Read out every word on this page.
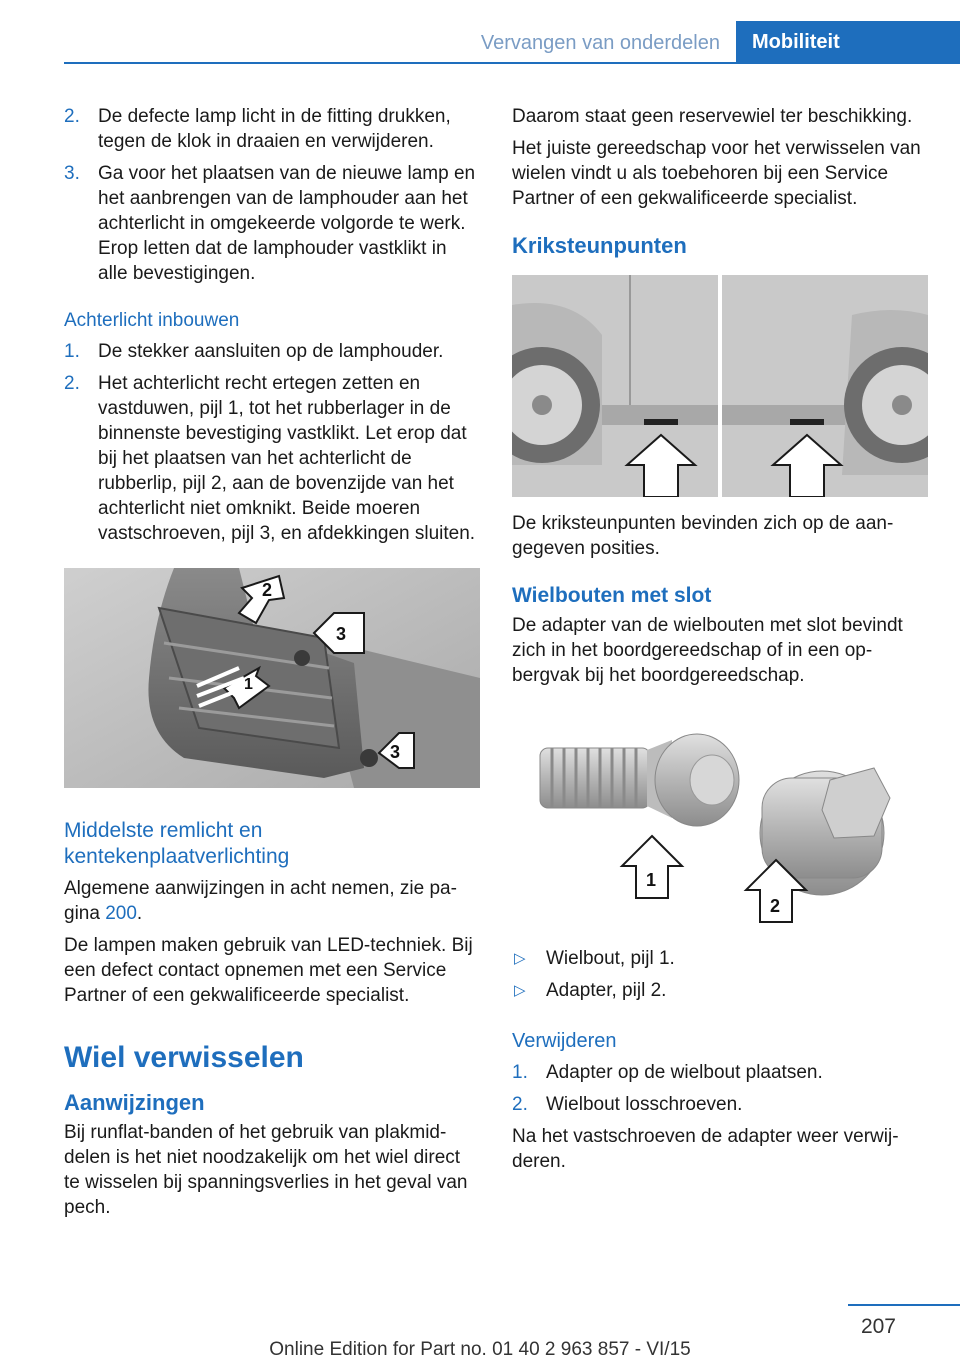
Vervangen van onderdelen	Mobiliteit
2. De defecte lamp licht in de fitting drukken, tegen de klok in draaien en verwijderen.
3. Ga voor het plaatsen van de nieuwe lamp en het aanbrengen van de lamphouder aan het achterlicht in omgekeerde volgorde te werk. Erop letten dat de lamphouder vastklikt in alle bevestigingen.
Achterlicht inbouwen
1. De stekker aansluiten op de lamphouder.
2. Het achterlicht recht ertegen zetten en vastduwen, pijl 1, tot het rubberlager in de binnenste bevestiging vastklikt. Let erop dat bij het plaatsen van het achterlicht de rubberlip, pijl 2, aan de bovenzijde van het achterlicht niet omknikt. Beide moeren vastschroeven, pijl 3, en afdekkingen sluiten.
2
1
3
3
Middelste remlicht en kentekenplaatverlichting

Algemene aanwijzingen in acht nemen, zie pagina 200.

De lampen maken gebruik van LED-techniek. Bij een defect contact opnemen met een Service Partner of een gekwalificeerde specialist.

Wiel verwisselen
Aanwijzingen

Bij runflat-banden of het gebruik van plakmiddelen is het niet noodzakelijk om het wiel direct te wisselen bij spanningsverlies in het geval van pech.

Daarom staat geen reservewiel ter beschikking.

Het juiste gereedschap voor het verwisselen van wielen vindt u als toebehoren bij een Service Partner of een gekwalificeerde specialist.

Kriksteunpunten

De kriksteunpunten bevinden zich op de aangegeven posities.

Wielbouten met slot

De adapter van de wielbouten met slot bevindt zich in het boordgereedschap of in een opbergvak bij het boordgereedschap.

1
2
▷ Wielbout, pijl 1.
▷ Adapter, pijl 2.
Verwijderen
1. Adapter op de wielbout plaatsen.
2. Wielbout losschroeven.

Na het vastschroeven de adapter weer verwijderen.

207
Online Edition for Part no. 01 40 2 963 857 - VI/15
